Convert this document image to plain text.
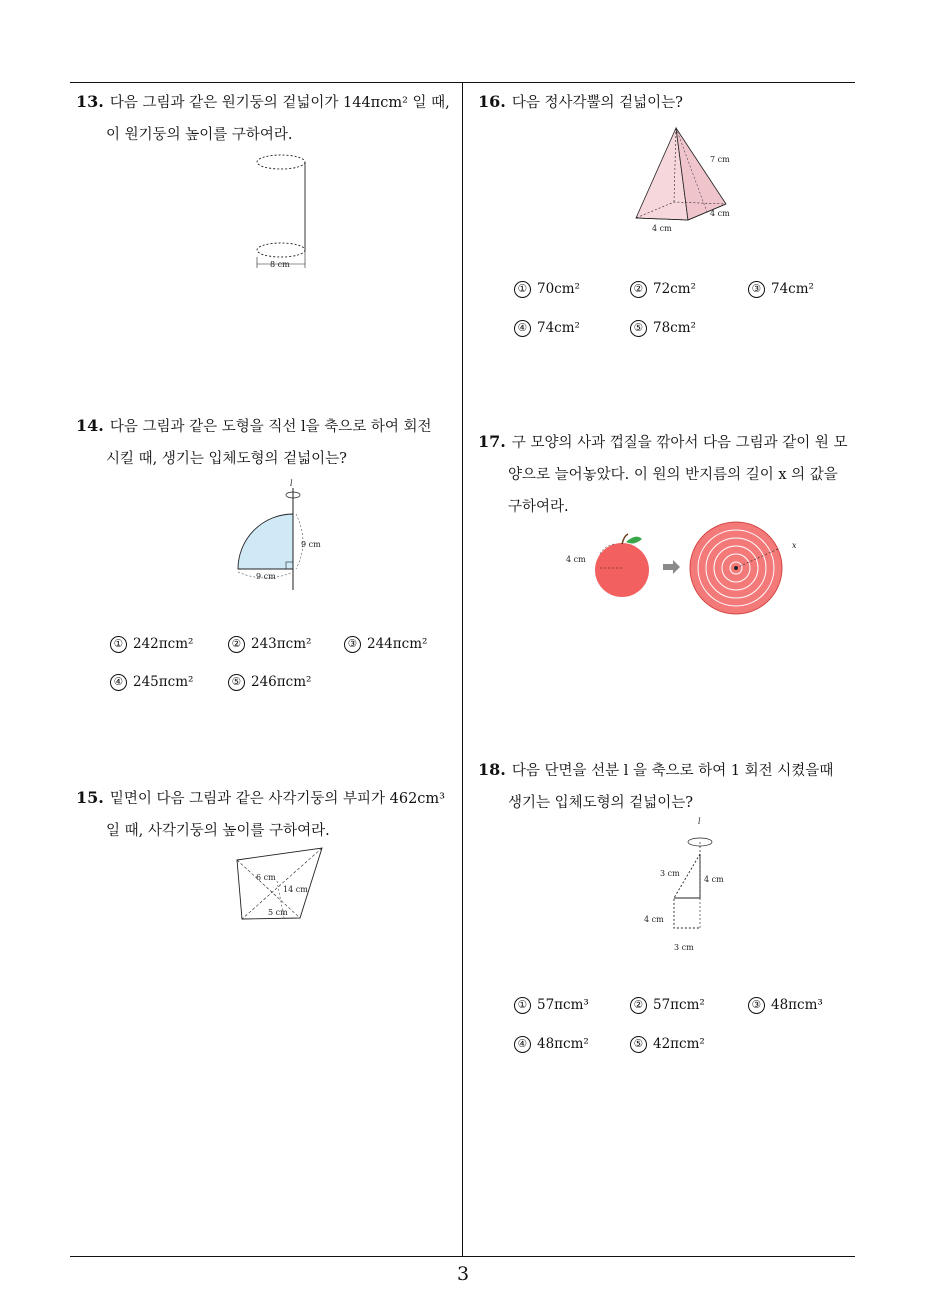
13. 다음 그림과 같은 원기둥의 겉넓이가 144πcm² 일 때,
이 원기둥의 높이를 구하여라.
8 cm
14. 다음 그림과 같은 도형을 직선 l을 축으로 하여 회전
시킬 때, 생기는 입체도형의 겉넓이는?
l
9 cm
9 cm
① 242πcm²	② 243πcm²	③ 244πcm²
④ 245πcm²	⑤ 246πcm²
15. 밑면이 다음 그림과 같은 사각기둥의 부피가 462cm³
일 때, 사각기둥의 높이를 구하여라.
6 cm
14 cm
5 cm
16. 다음 정사각뿔의 겉넓이는?
7 cm
4 cm
4 cm
① 70cm²	② 72cm²	③ 74cm²
④ 74cm²	⑤ 78cm²
17. 구 모양의 사과 껍질을 깎아서 다음 그림과 같이 원 모
양으로 늘어놓았다. 이 원의 반지름의 길이 x 의 값을
구하여라.
4 cm
x
18. 다음 단면을 선분 l 을 축으로 하여 1 회전 시켰을때
생기는 입체도형의 겉넓이는?
l
3 cm
4 cm
4 cm
3 cm
① 57πcm³	② 57πcm²	③ 48πcm³
④ 48πcm²	⑤ 42πcm²
3
